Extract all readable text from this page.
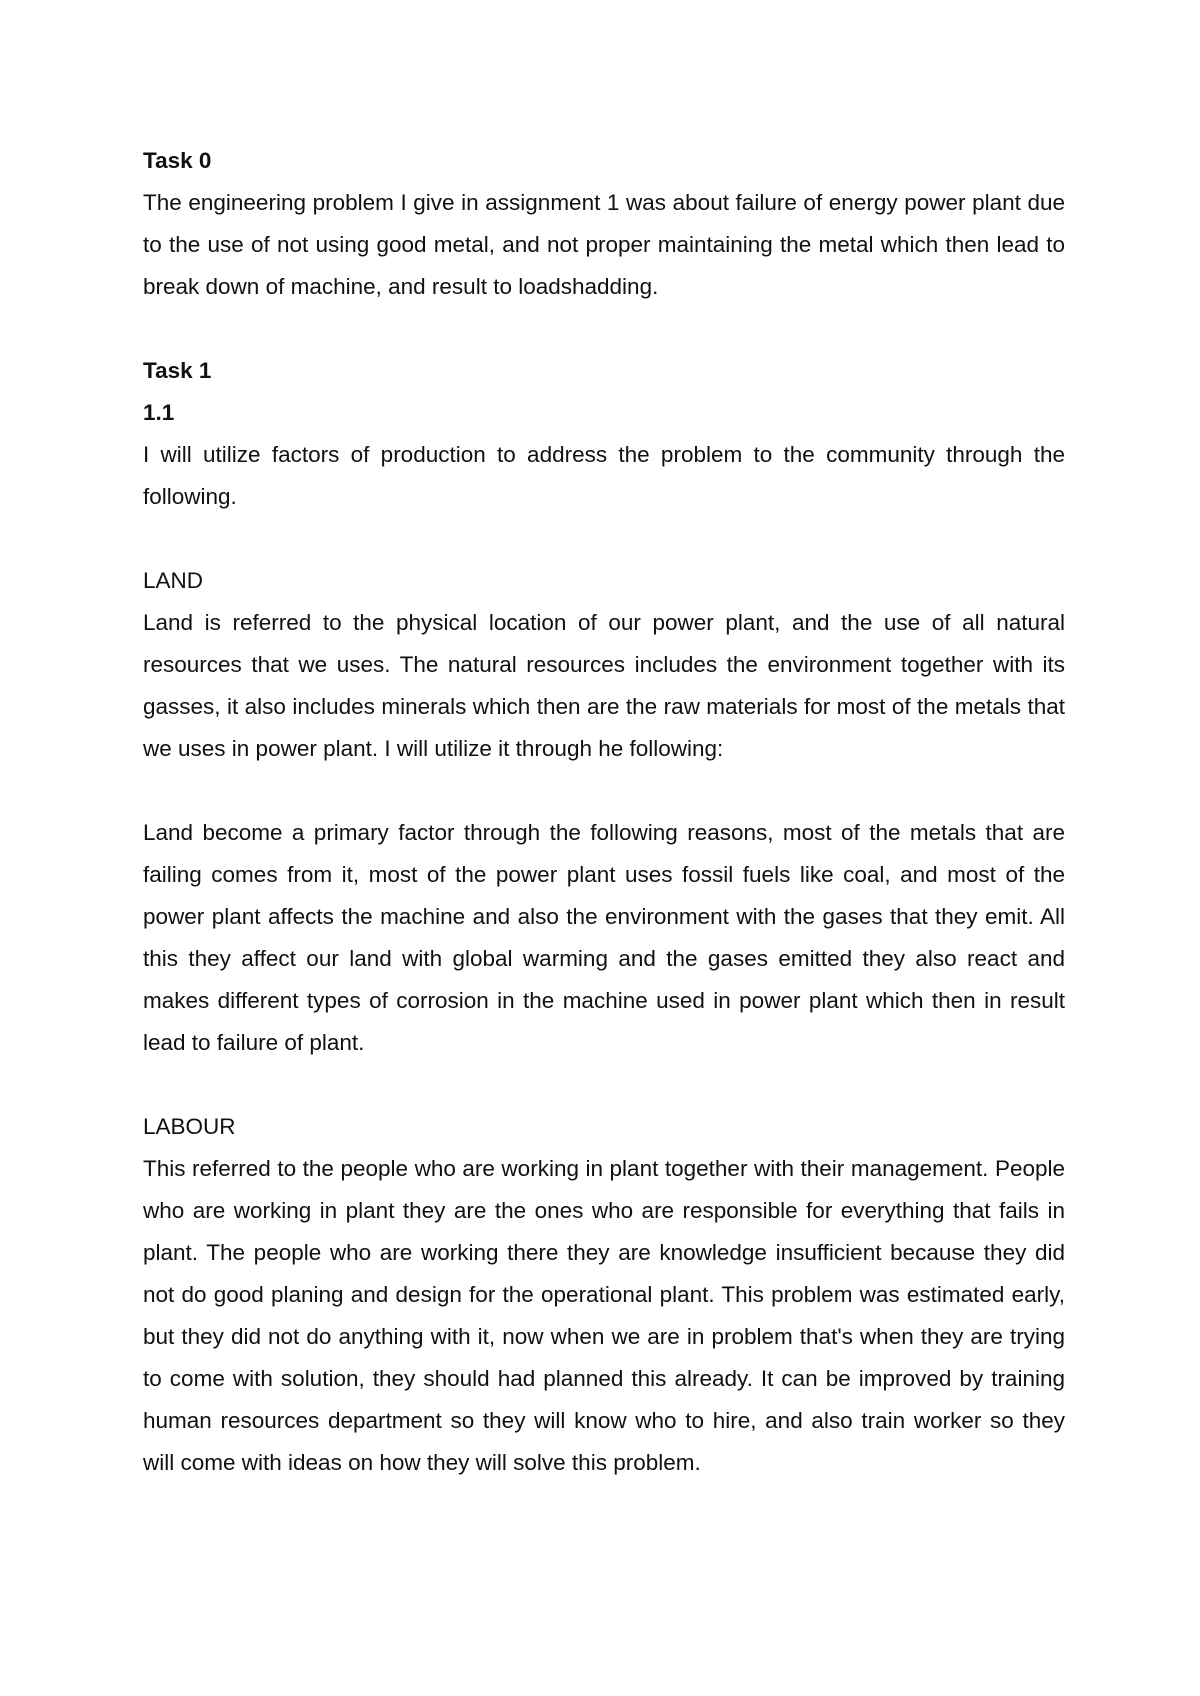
Task 0

The engineering problem I give in assignment 1 was about failure of energy power plant due to the use of not using good metal, and not proper maintaining the metal which then lead to break down of machine, and result to loadshadding.

Task 1

1.1

I will utilize factors of production to address the problem to the community through the following.

LAND

Land is referred to the physical location of our power plant, and the use of all natural resources that we uses. The natural resources includes the environment together with its gasses, it also includes minerals which then are the raw materials for most of the metals that we uses in power plant. I will utilize it through he following:

Land become a primary factor through the following reasons, most of the metals that are failing comes from it, most of the power plant uses fossil fuels like coal, and most of the power plant affects the machine and also the environment with the gases that they emit. All this they affect our land with global warming and the gases emitted they also react and makes different types of corrosion in the machine used in power plant which then in result lead to failure of plant.

LABOUR

This referred to the people who are working in plant together with their management. People who are working in plant they are the ones who are responsible for everything that fails in plant. The people who are working there they are knowledge insufficient because they did not do good planing and design for the operational plant. This problem was estimated early, but they did not do anything with it, now when we are in problem that's when they are trying to come with solution, they should had planned this already. It can be improved by training human resources department so they will know who to hire, and also train worker so they will come with ideas on how they will solve this problem.
